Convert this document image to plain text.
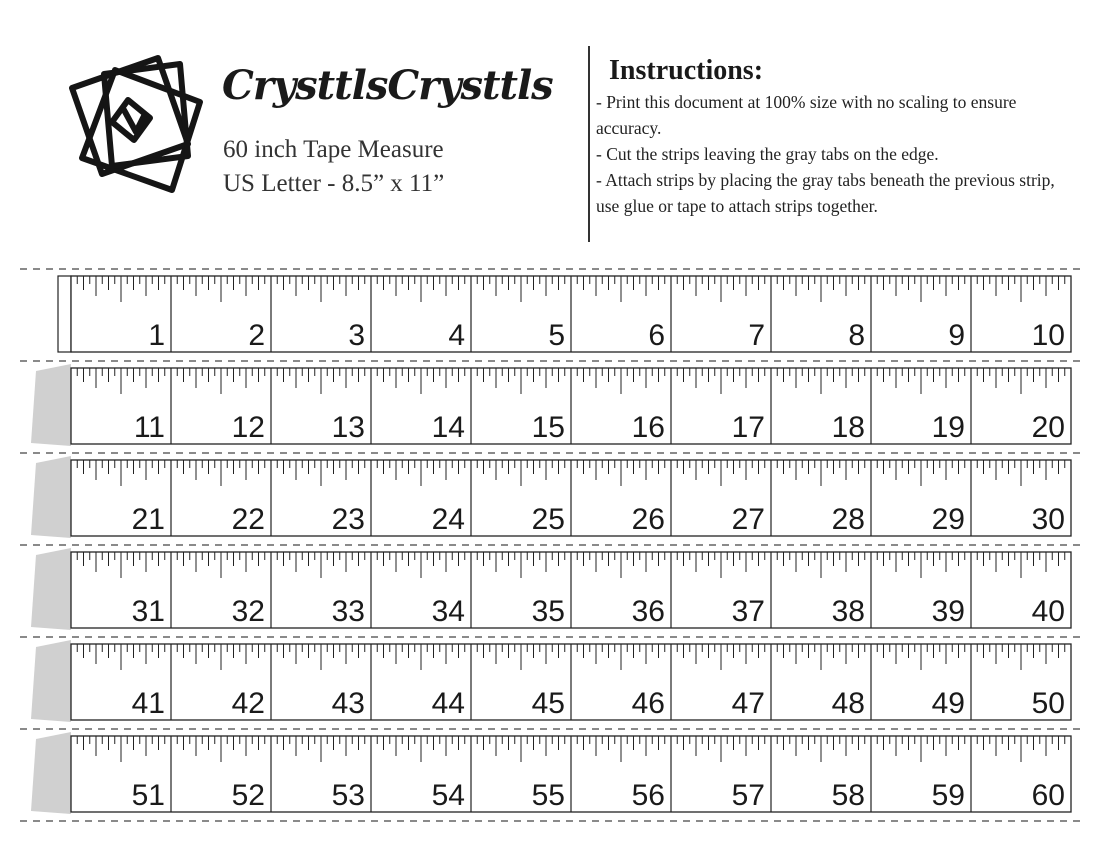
CrysttlsCrysttls
60 inch Tape Measure
US Letter - 8.5” x 11”
Instructions:
- Print this document at 100% size with no scaling to ensure accuracy.
- Cut the strips leaving the gray tabs on the edge.
- Attach strips by placing the gray tabs beneath the previous strip, use glue or tape to attach strips together.
1	2	3	4	5	6	7	8	9 10
11 12 13 14 15 16 17 18 19 20
21 22 23 24 25 26 27 28 29 30
31 32 33 34 35 36 37 38 39 40
41 42 43 44 45 46 47 48 49 50
51 52 53 54 55 56 57 58 59 60
